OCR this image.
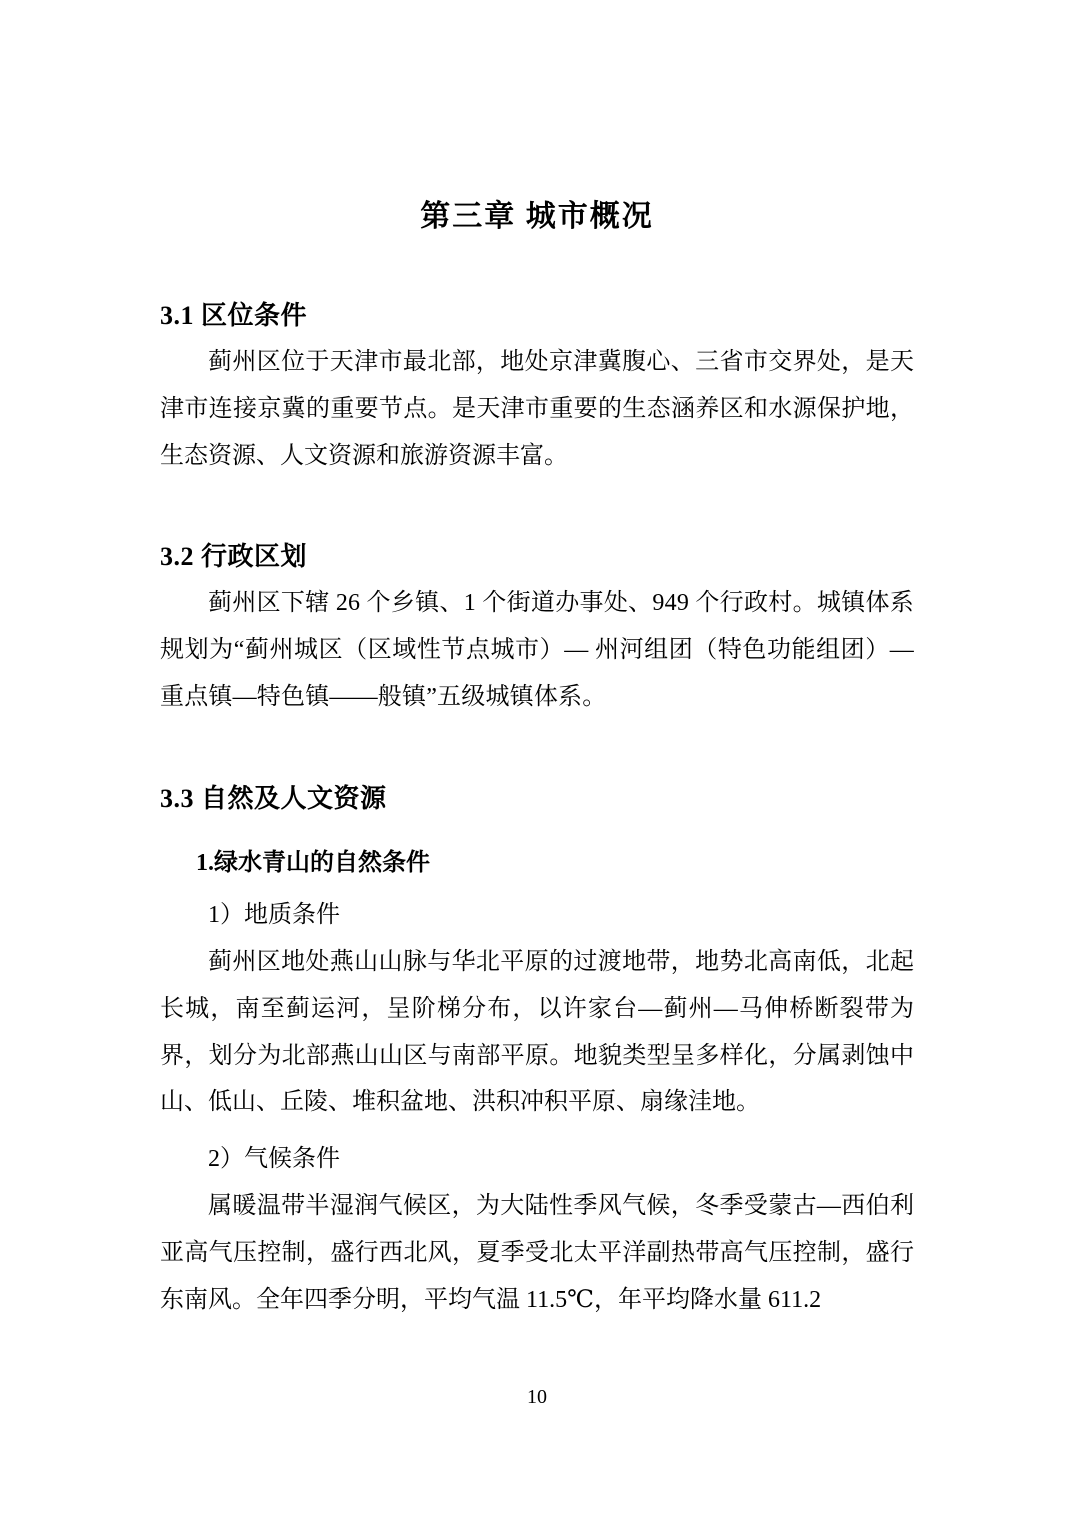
第三章 城市概况
3.1 区位条件

蓟州区位于天津市最北部，地处京津冀腹心、三省市交界处，是天津市连接京冀的重要节点。是天津市重要的生态涵养区和水源保护地，生态资源、人文资源和旅游资源丰富。

3.2 行政区划

蓟州区下辖 26 个乡镇、1 个街道办事处、949 个行政村。城镇体系规划为“蓟州城区（区域性节点城市）— 州河组团（特色功能组团）—重点镇—特色镇——般镇”五级城镇体系。

3.3 自然及人文资源
1.绿水青山的自然条件

1）地质条件

蓟州区地处燕山山脉与华北平原的过渡地带，地势北高南低，北起长城，南至蓟运河，呈阶梯分布，以许家台—蓟州—马伸桥断裂带为界，划分为北部燕山山区与南部平原。地貌类型呈多样化，分属剥蚀中山、低山、丘陵、堆积盆地、洪积冲积平原、扇缘洼地。

2）气候条件

属暖温带半湿润气候区，为大陆性季风气候，冬季受蒙古—西伯利亚高气压控制，盛行西北风，夏季受北太平洋副热带高气压控制，盛行东南风。全年四季分明，平均气温 11.5℃，年平均降水量 611.2

10
